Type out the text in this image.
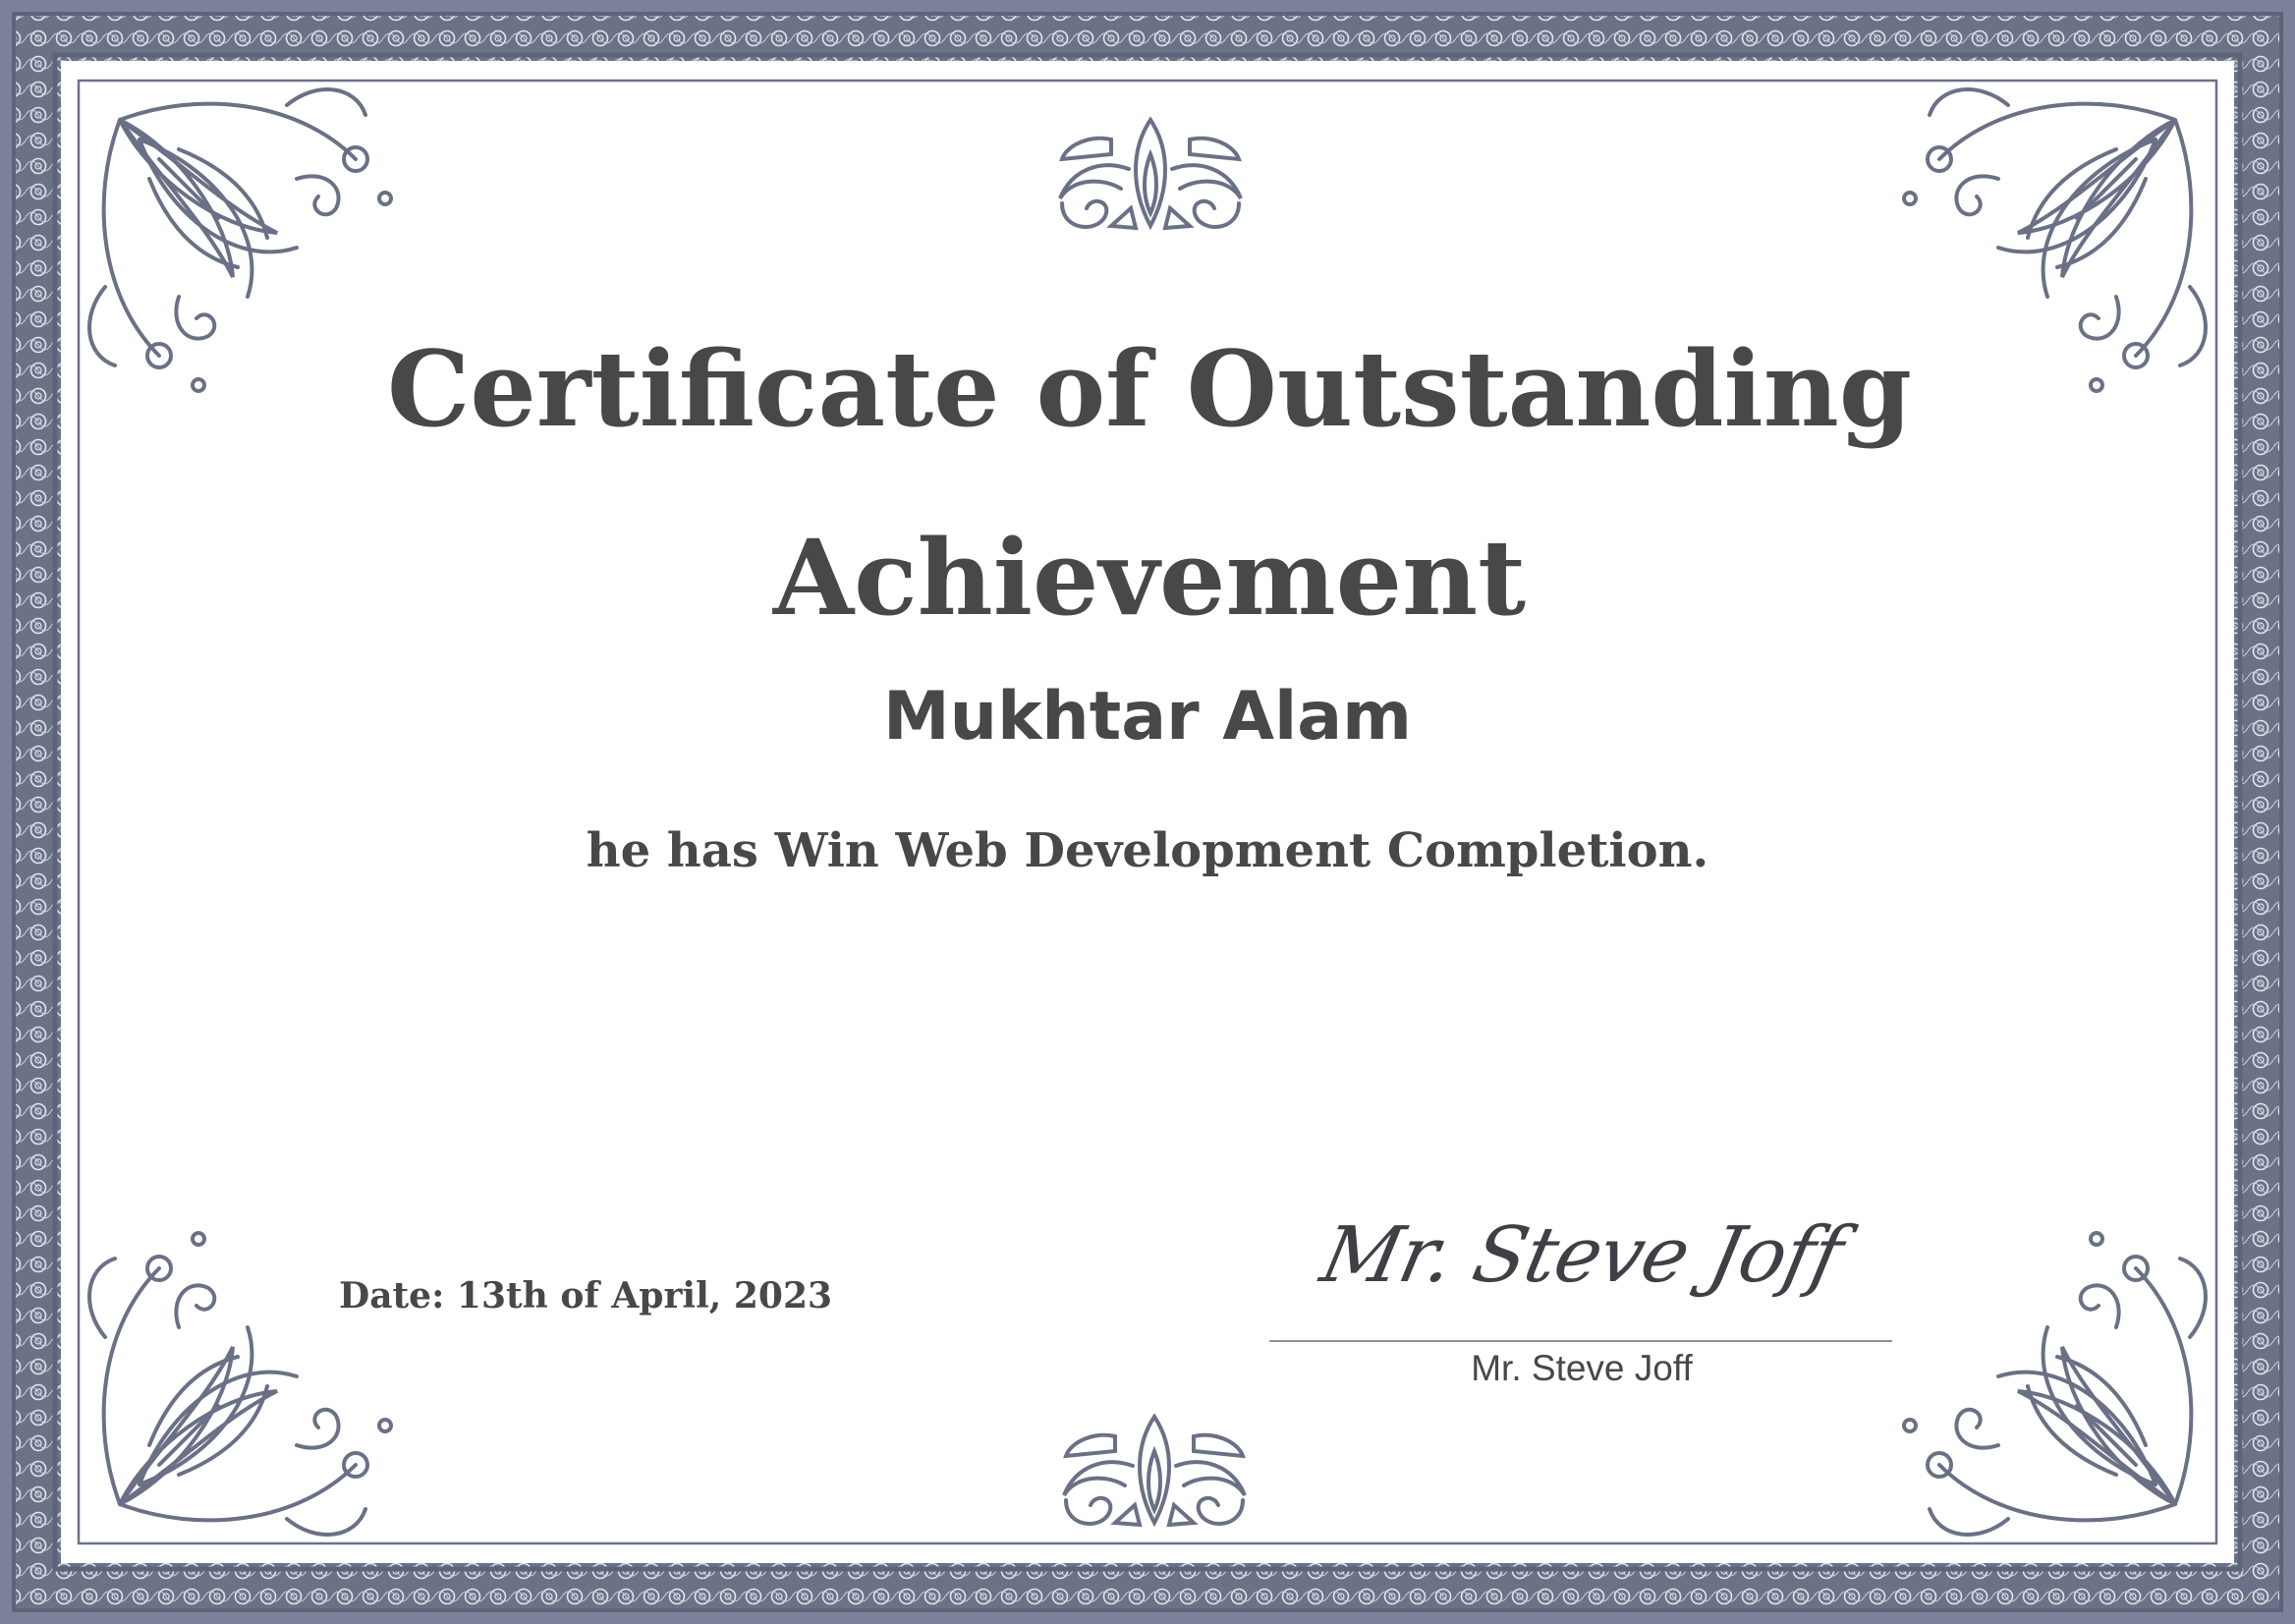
Certificate of Outstanding Achievement
Mukhtar Alam
he has Win Web Development Completion.
Date: 13th of April, 2023	Mr. Steve Joff
Mr. Steve Joff
